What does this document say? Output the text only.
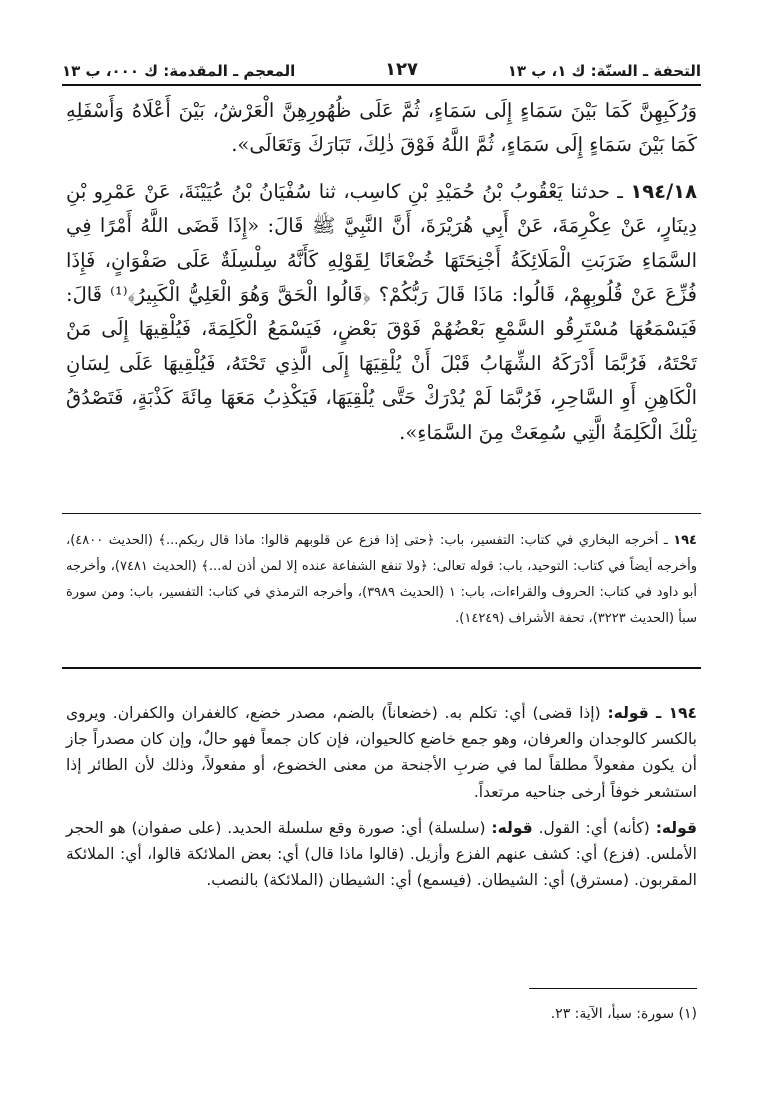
التحفة ـ السنّة: ك ١، ب ١٣
١٢٧
المعجم ـ المقدمة: ك ٠٠٠، ب ١٣

وَرُكَبِهِنَّ كَمَا بَيْنَ سَمَاءٍ إِلَى سَمَاءٍ، ثُمَّ عَلَى ظُهُورِهِنَّ الْعَرْشُ، بَيْنَ أَعْلَاهُ وَأَسْفَلِهِ كَمَا بَيْنَ سَمَاءٍ إِلَى سَمَاءٍ، ثُمَّ اللَّهُ فَوْقَ ذٰلِكَ، تَبَارَكَ وَتَعَالَى».

١٩٤/١٨ ـ حدثنا يَعْقُوبُ بْنُ حُمَيْدِ بْنِ كاسِب، ثنا سُفْيَانُ بْنُ عُيَيْنَةَ، عَنْ عَمْرِو بْنِ دِينَارٍ، عَنْ عِكْرِمَةَ، عَنْ أَبِي هُرَيْرَةَ، أَنَّ النَّبِيَّ ﷺ قَالَ: «إِذَا قَضَى اللَّهُ أَمْرًا فِي السَّمَاءِ ضَرَبَتِ الْمَلَائِكَةُ أَجْنِحَتَهَا خُضْعَانًا لِقَوْلِهِ كَأَنَّهُ سِلْسِلَةٌ عَلَى صَفْوَانٍ، فَإِذَا فُزِّعَ عَنْ قُلُوبِهِمْ، قَالُوا: مَاذَا قَالَ رَبُّكُمْ؟ ﴿قَالُوا الْحَقَّ وَهُوَ الْعَلِيُّ الْكَبِيرُ﴾⁽¹⁾ قَالَ: فَيَسْمَعُهَا مُسْتَرِقُو السَّمْعِ بَعْضُهُمْ فَوْقَ بَعْضٍ، فَيَسْمَعُ الْكَلِمَةَ، فَيُلْقِيهَا إِلَى مَنْ تَحْتَهُ، فَرُبَّمَا أَدْرَكَهُ الشِّهَابُ قَبْلَ أَنْ يُلْقِيَهَا إِلَى الَّذِي تَحْتَهُ، فَيُلْقِيهَا عَلَى لِسَانِ الْكَاهِنِ أَوِ السَّاحِرِ، فَرُبَّمَا لَمْ يُدْرَكْ حَتَّى يُلْقِيَهَا، فَيَكْذِبُ مَعَهَا مِائَةَ كَذْبَةٍ، فَتَصْدُقُ تِلْكَ الْكَلِمَةُ الَّتِي سُمِعَتْ مِنَ السَّمَاءِ».

١٩٤ ـ أخرجه البخاري في كتاب: التفسير، باب: ﴿حتى إذا فزع عن قلوبهم قالوا: ماذا قال ربكم...﴾ (الحديث ٤٨٠٠)، وأخرجه أيضاً في كتاب: التوحيد، باب: قوله تعالى: ﴿ولا تنفع الشفاعة عنده إلا لمن أذن له...﴾ (الحديث ٧٤٨١)، وأخرجه أبو داود في كتاب: الحروف والقراءات، باب: ١ (الحديث ٣٩٨٩)، وأخرجه الترمذي في كتاب: التفسير، باب: ومن سورة سبأ (الحديث ٣٢٢٣)، تحفة الأشراف (١٤٢٤٩).

١٩٤ ـ قوله: (إذا قضى) أي: تكلم به. (خضعاناً) بالضم، مصدر خضع، كالغفران والكفران. ويروى بالكسر كالوجدان والعرفان، وهو جمع خاضع كالحيوان، فإن كان جمعاً فهو حالٌ، وإن كان مصدراً جاز أن يكون مفعولاً مطلقاً لما في ضربِ الأجنحة من معنى الخضوع، أو مفعولاً، وذلك لأن الطائر إذا استشعر خوفاً أرخى جناحيه مرتعداً.

قوله: (كأنه) أي: القول. قوله: (سلسلة) أي: صورة وقع سلسلة الحديد. (على صفوان) هو الحجر الأملس. (فزع) أي: كشف عنهم الفزع وأزيل. (قالوا ماذا قال) أي: بعض الملائكة قالوا، أي: الملائكة المقربون. (مسترق) أي: الشيطان. (فيسمع) أي: الشيطان (الملائكة) بالنصب.

(١) سورة: سبأ، الآية: ٢٣.
